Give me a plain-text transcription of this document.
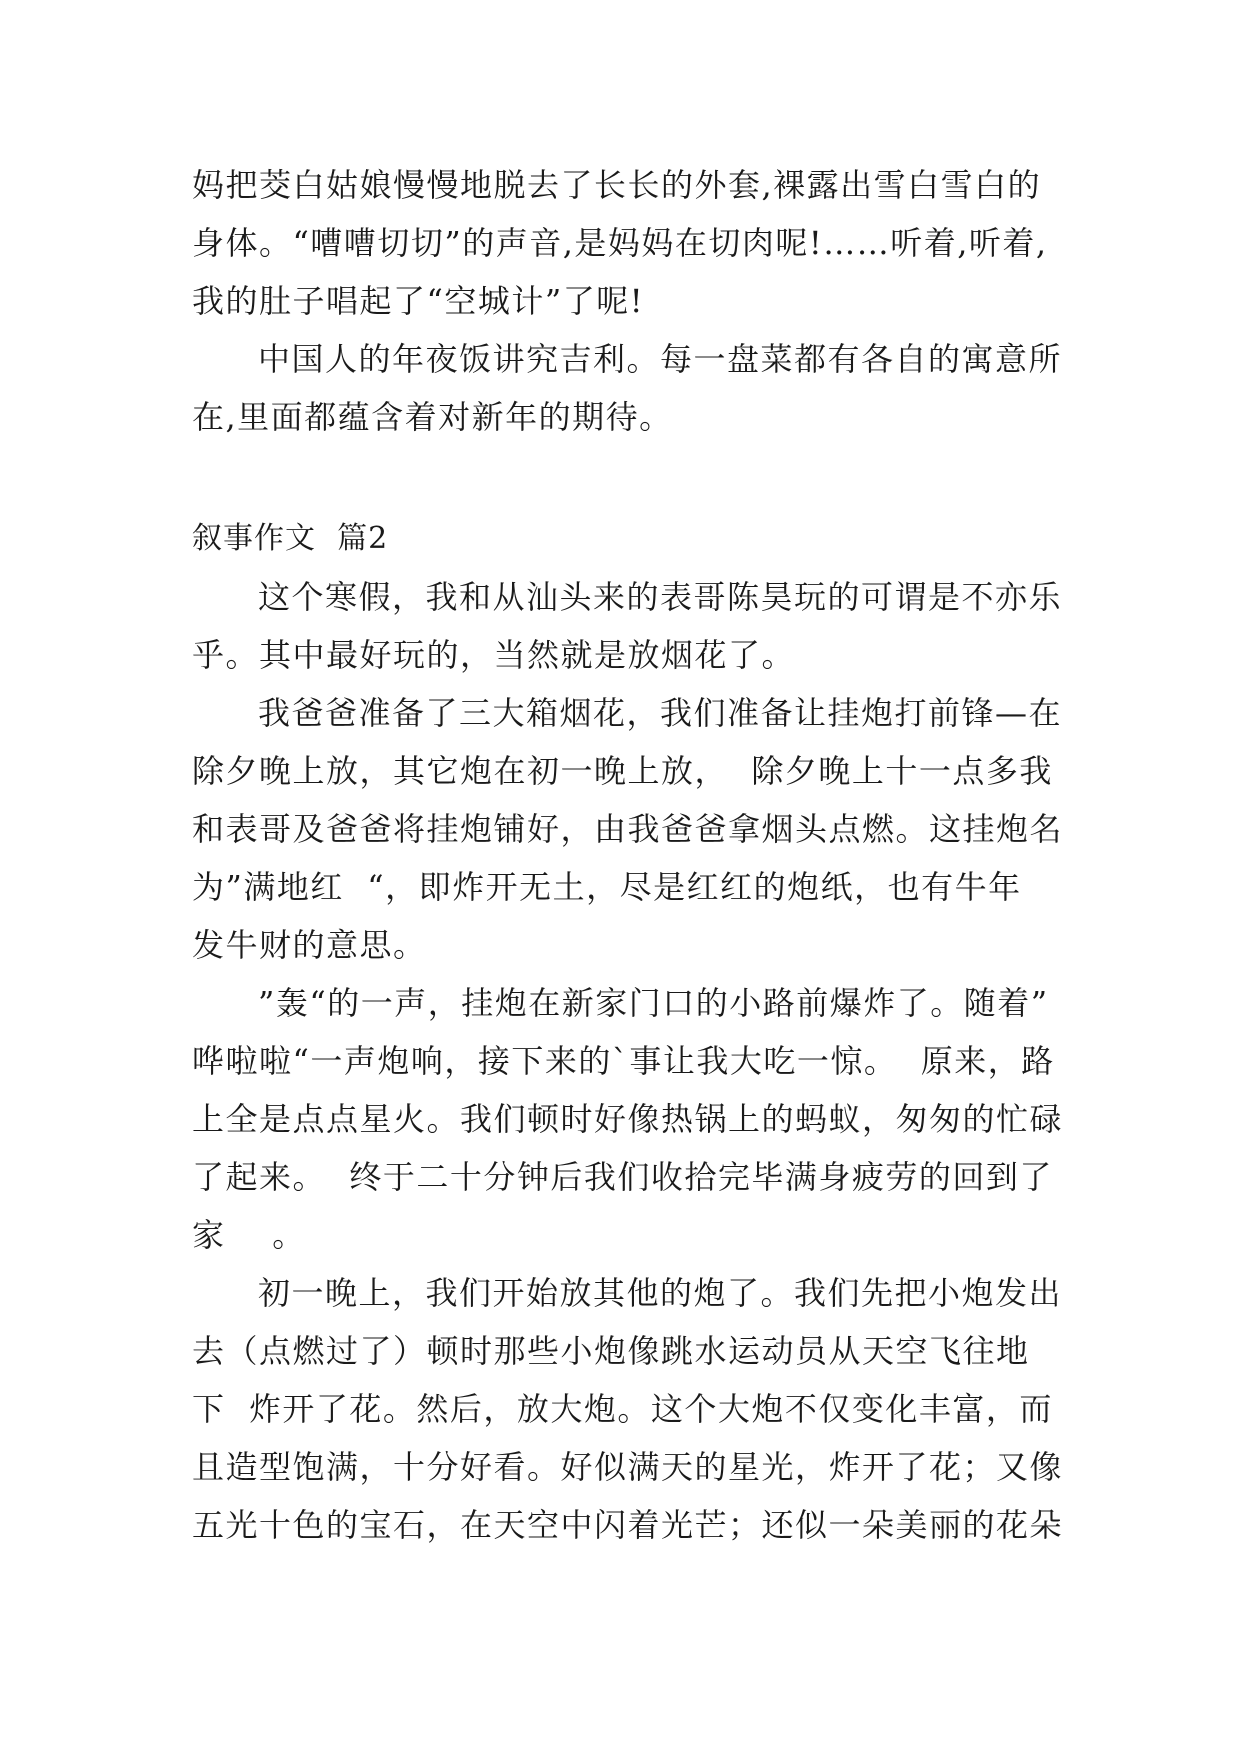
妈把茭白姑娘慢慢地脱去了长长的外套,裸露出雪白雪白的
身体。“嘈嘈切切”的声音,是妈妈在切肉呢!……听着,听着,
我的肚子唱起了“空城计”了呢!
中国人的年夜饭讲究吉利。每一盘菜都有各自的寓意所
在,里面都蕴含着对新年的期待。
叙事作文  篇2
这个寒假，我和从汕头来的表哥陈昊玩的可谓是不亦乐
乎。其中最好玩的，当然就是放烟花了。
我爸爸准备了三大箱烟花，我们准备让挂炮打前锋—在
除夕晚上放，其它炮在初一晚上放，  除夕晚上十一点多我
和表哥及爸爸将挂炮铺好，由我爸爸拿烟头点燃。这挂炮名
为”满地红  “，即炸开无土，尽是红红的炮纸，也有牛年
发牛财的意思。
”轰“的一声，挂炮在新家门口的小路前爆炸了。随着”
哗啦啦“一声炮响，接下来的`事让我大吃一惊。  原来，路
上全是点点星火。我们顿时好像热锅上的蚂蚁，匆匆的忙碌
了起来。  终于二十分钟后我们收拾完毕满身疲劳的回到了
家    。
初一晚上，我们开始放其他的炮了。我们先把小炮发出
去（点燃过了）顿时那些小炮像跳水运动员从天空飞往地
下  炸开了花。然后，放大炮。这个大炮不仅变化丰富，而
且造型饱满，十分好看。好似满天的星光，炸开了花；又像
五光十色的宝石，在天空中闪着光芒；还似一朵美丽的花朵
